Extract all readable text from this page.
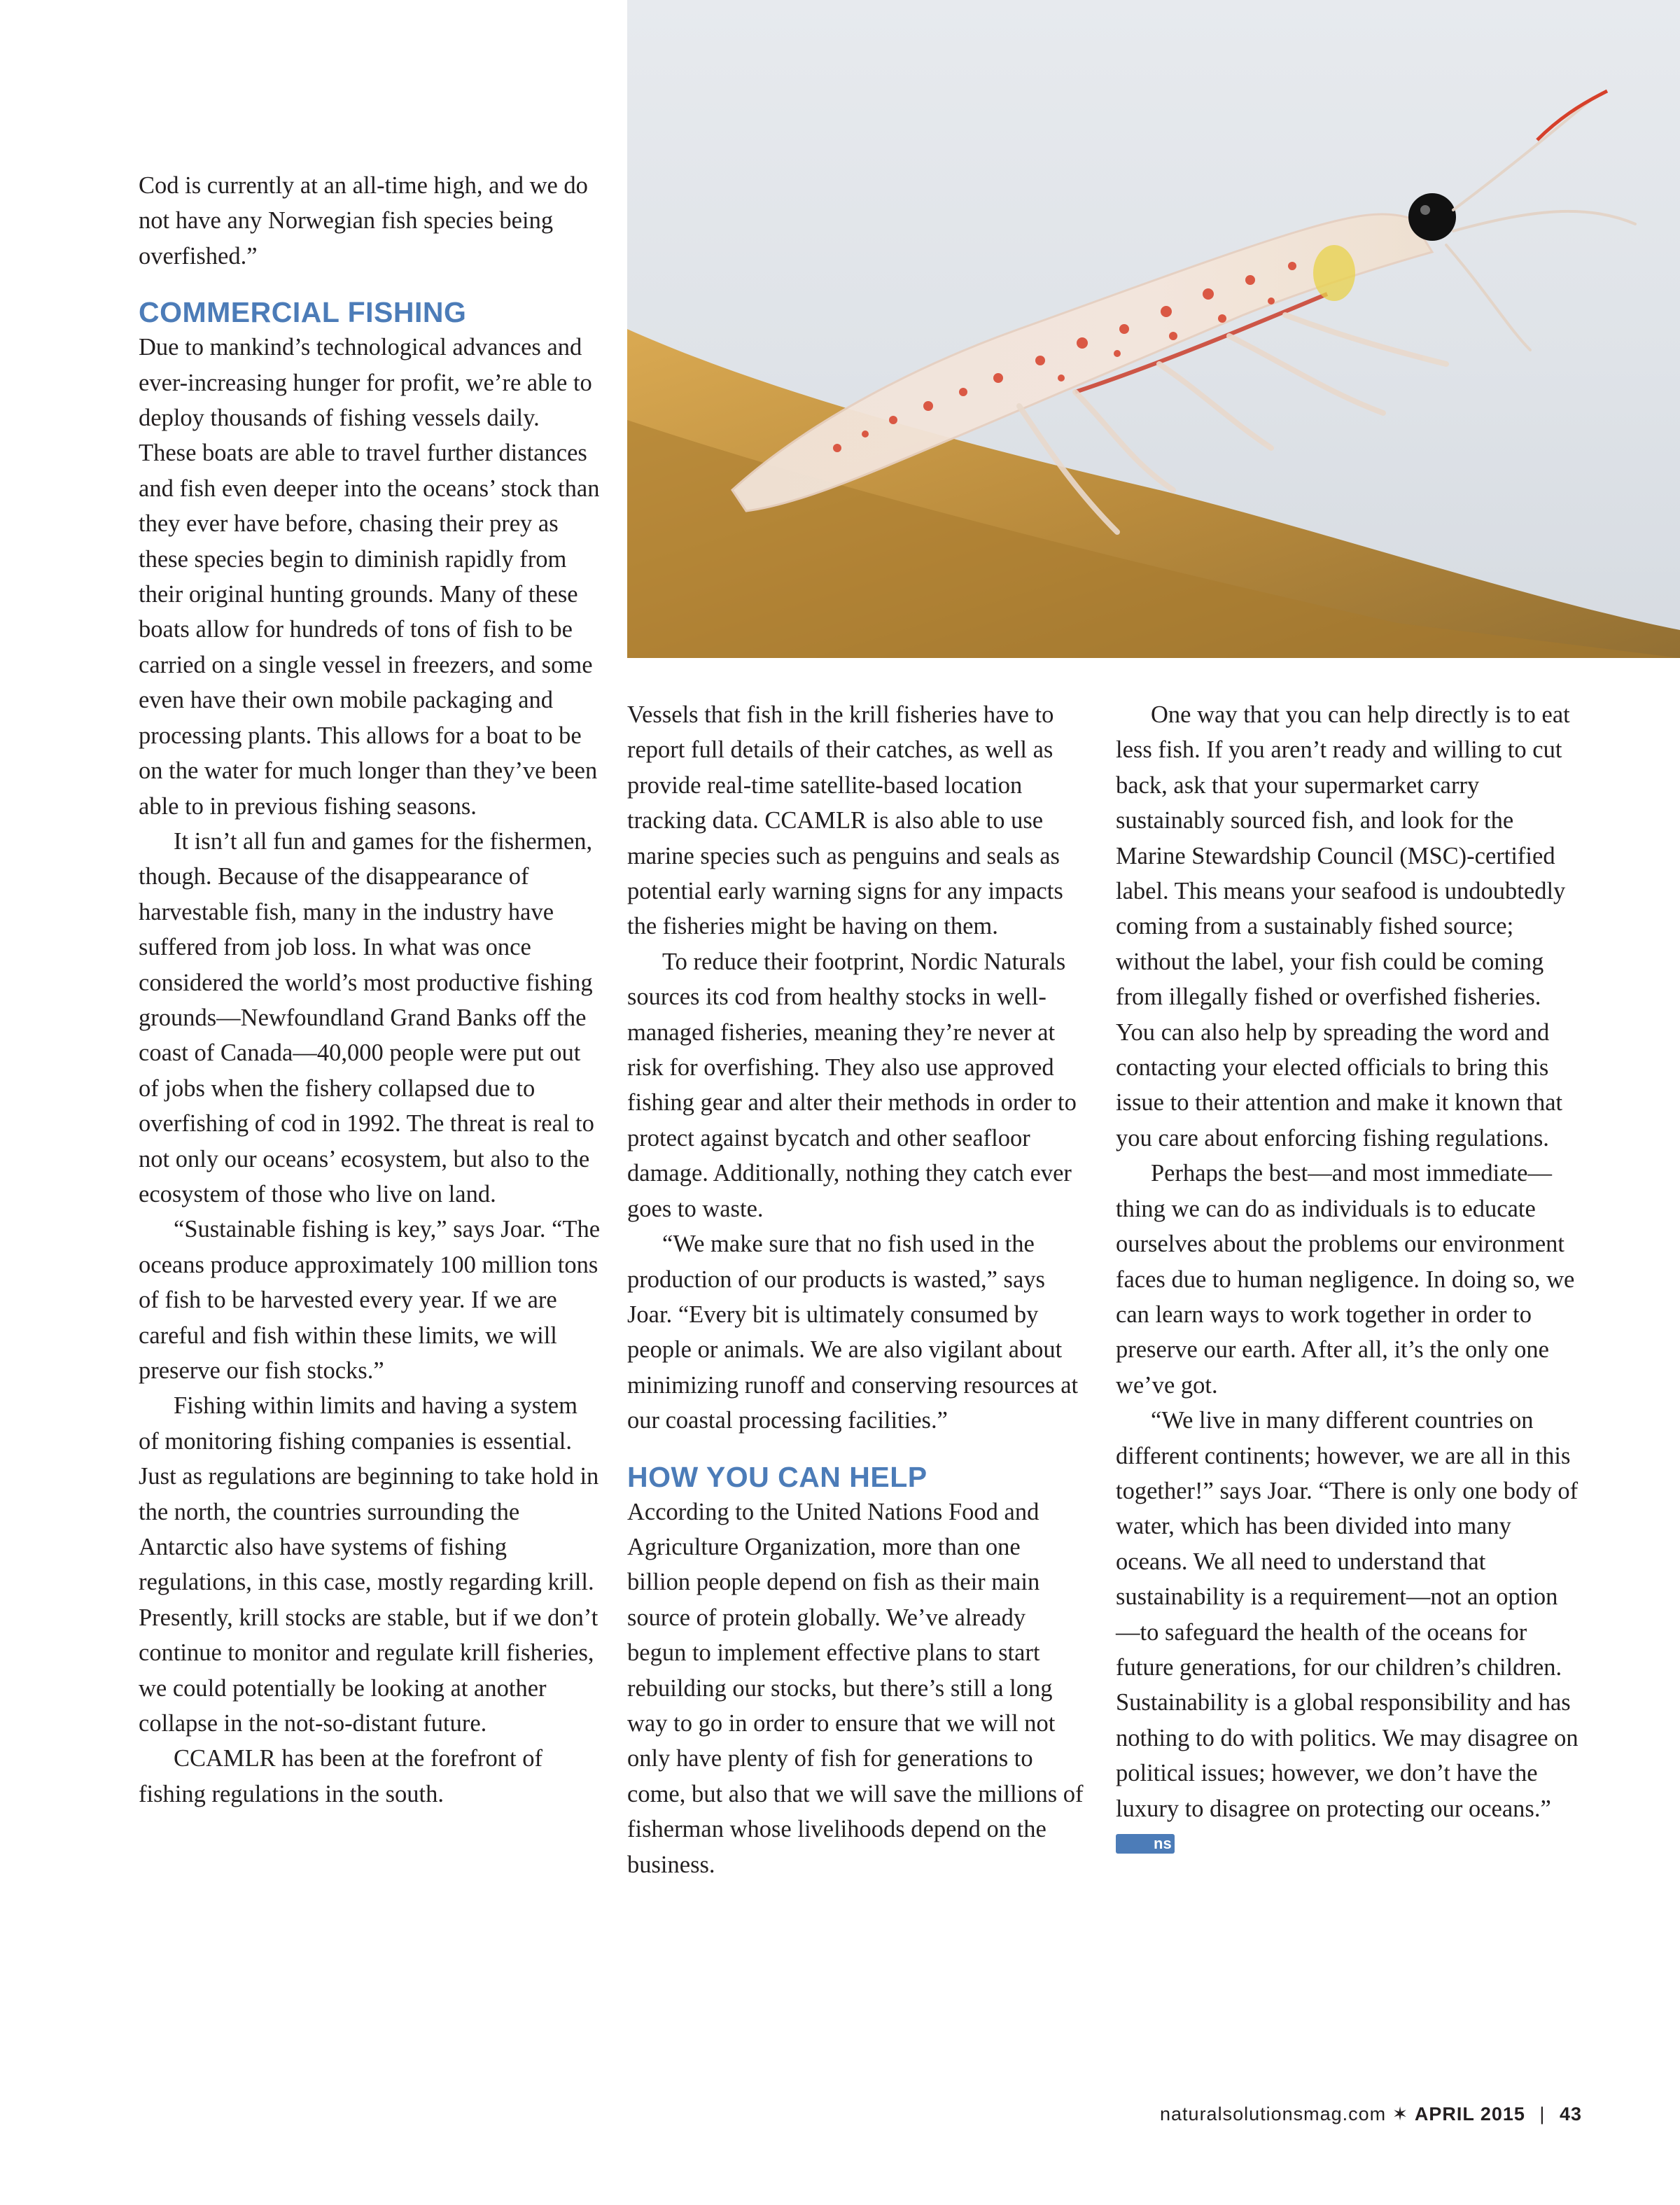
Cod is currently at an all-time high, and we do not have any Norwegian fish species being overfished.”

COMMERCIAL FISHING

Due to mankind’s technological advances and ever-increasing hunger for profit, we’re able to deploy thousands of fishing vessels daily. These boats are able to travel further distances and fish even deeper into the oceans’ stock than they ever have before, chasing their prey as these species begin to diminish rapidly from their original hunting grounds. Many of these boats allow for hundreds of tons of fish to be carried on a single vessel in freezers, and some even have their own mobile packaging and processing plants. This allows for a boat to be on the water for much longer than they’ve been able to in previous fishing seasons.

It isn’t all fun and games for the fishermen, though. Because of the disappearance of harvestable fish, many in the industry have suffered from job loss. In what was once considered the world’s most productive fishing grounds—Newfoundland Grand Banks off the coast of Canada—40,000 people were put out of jobs when the fishery collapsed due to overfishing of cod in 1992. The threat is real to not only our oceans’ ecosystem, but also to the ecosystem of those who live on land.

“Sustainable fishing is key,” says Joar. “The oceans produce approximately 100 million tons of fish to be harvested every year. If we are careful and fish within these limits, we will preserve our fish stocks.”

Fishing within limits and having a system of monitoring fishing companies is essential. Just as regulations are beginning to take hold in the north, the countries surrounding the Antarctic also have systems of fishing regulations, in this case, mostly regarding krill. Presently, krill stocks are stable, but if we don’t continue to monitor and regulate krill fisheries, we could potentially be looking at another collapse in the not-so-distant future.

CCAMLR has been at the forefront of fishing regulations in the south.

Vessels that fish in the krill fisheries have to report full details of their catches, as well as provide real-time satellite-based location tracking data. CCAMLR is also able to use marine species such as penguins and seals as potential early warning signs for any impacts the fisheries might be having on them.

To reduce their footprint, Nordic Naturals sources its cod from healthy stocks in well-managed fisheries, meaning they’re never at risk for overfishing. They also use approved fishing gear and alter their methods in order to protect against bycatch and other seafloor damage. Additionally, nothing they catch ever goes to waste.

“We make sure that no fish used in the production of our products is wasted,” says Joar. “Every bit is ultimately consumed by people or animals. We are also vigilant about minimizing runoff and conserving resources at our coastal processing facilities.”

HOW YOU CAN HELP

According to the United Nations Food and Agriculture Organization, more than one billion people depend on fish as their main source of protein globally. We’ve already begun to implement effective plans to start rebuilding our stocks, but there’s still a long way to go in order to ensure that we will not only have plenty of fish for generations to come, but also that we will save the millions of fisherman whose livelihoods depend on the business.

One way that you can help directly is to eat less fish. If you aren’t ready and willing to cut back, ask that your supermarket carry sustainably sourced fish, and look for the Marine Stewardship Council (MSC)-certified label. This means your seafood is undoubtedly coming from a sustainably fished source; without the label, your fish could be coming from illegally fished or overfished fisheries. You can also help by spreading the word and contacting your elected officials to bring this issue to their attention and make it known that you care about enforcing fishing regulations.

Perhaps the best—and most immediate—thing we can do as individuals is to educate ourselves about the problems our environment faces due to human negligence. In doing so, we can learn ways to work together in order to preserve our earth. After all, it’s the only one we’ve got.

“We live in many different countries on different continents; however, we are all in this together!” says Joar. “There is only one body of water, which has been divided into many oceans. We all need to understand that sustainability is a requirement—not an option—to safeguard the health of the oceans for future generations, for our children’s children. Sustainability is a global responsibility and has nothing to do with politics. We may disagree on political issues; however, we don’t have the luxury to disagree on protecting our oceans.” ns

naturalsolutionsmag.com ✶ APRIL 2015 | 43
